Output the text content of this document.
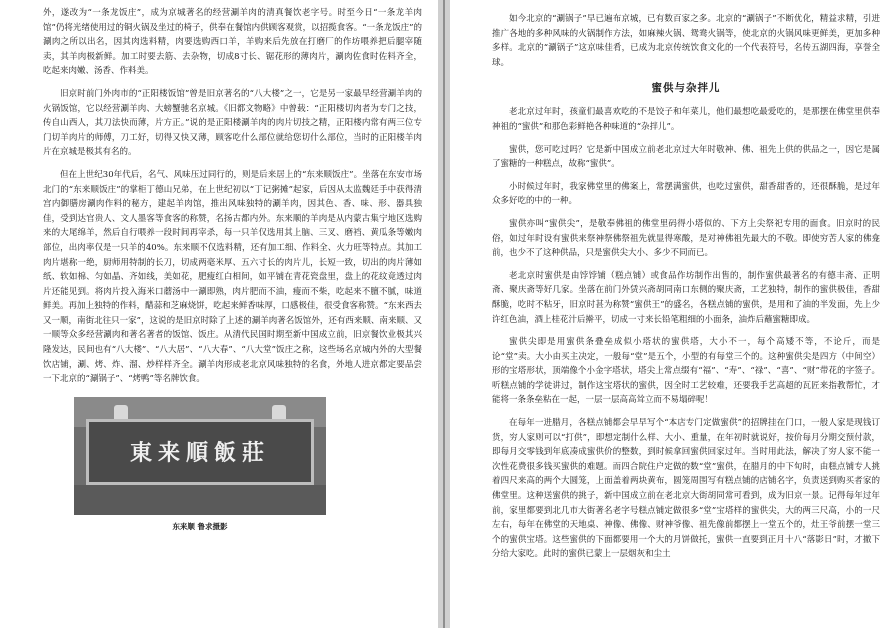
外，遂改为“一条龙饭庄”，成为京城著名的经营涮羊肉的清真餐饮老字号。时至今日“一条龙羊肉馆”仍将光绪使用过的铜火锅及坐过的椅子，供奉在餐馆内供顾客观赏，以招揽食客。“一条龙饭庄”的涮肉之所以出名，因其肉选料精，肉要选购西口羊，羊购来后先放在打磨厂的作坊喂养把后腿宰随卖，其羊肉极新鲜。加工时要去筋、去杂物，切成8寸长、锯花形的薄肉片，涮肉佐食时佐料齐全，吃起来肉嫩、汤香、作料美。

旧京时前门外肉市的“正阳楼饭馆”曾是旧京著名的“八大楼”之一，它是另一家最早经营涮羊肉的火锅饭馆，它以经营涮羊肉、大螃蟹驰名京城。《旧都文物略》中曾载：“正阳楼切肉者为专门之技，传自山西人，其刀法快而薄，片方正。”说的是正阳楼涮羊肉的肉片切技之精，正阳楼内常有两三位专门切羊肉片的师傅，刀工好，切得又快又薄，顾客吃什么部位就给您切什么部位，当时的正阳楼羊肉片在京城是极其有名的。

但在上世纪30年代后，名气、风味压过同行的，则是后来居上的“东来顺饭庄”。坐落在东安市场北门的“东来顺饭庄”的掌柜丁德山兄弟，在上世纪初以“丁记粥摊”起家，后因从太监魏廷手中获得清宫内御膳房涮肉作料的秘方，建起羊肉馆，推出风味独特的涮羊肉，因其色、香、味、形、器具独佳，受到达官贵人、文人墨客等食客的称赞，名扬古都内外。东来顺的羊肉是从内蒙古集宁地区选购来的大尾绵羊，然后自行喂养一段时间再宰杀，每一只羊仅选用其上脑、三叉、磨裆、黄瓜条等嫩肉部位，出肉率仅是一只羊的40%。东来顺不仅选料精，还有加工细、作料全、火力旺等特点。其加工肉片堪称一绝，厨师用特制的长刀，切成两毫米厚、五六寸长的肉片儿，长短一致，切出的肉片薄如纸、软如棉、匀如晶、齐如线，美如花，肥瘦红白相间，如平铺在青花瓷盘里，盘上的花纹竟透过肉片还能见到。将肉片投入海米口蘑汤中一涮即熟，肉片肥而不油，瘦而不柴，吃起来不膻不腻，味道鲜美。再加上独特的作料，醋蒜和芝麻烧饼，吃起来鲜香味厚，口感极佳，很受食客称赞。“东来西去又一顺，南街北往只一家”，这说的是旧京时除了上述的涮羊肉著名饭馆外，还有西来顺、南来顺、又一顺等众多经营涮肉和著名著者的饭馆、饭庄。从清代民国时期至新中国成立前，旧京餐饮业极其兴隆发达，民间也有“八大楼”、“八大居”、“八大春”、“八大堂”饭庄之称，这些场名京城内外的大型餐饮店铺，涮、烤、炸、溜、炒样样齐全。涮羊肉形成老北京风味独特的名食，外地人进京都定要品尝一下北京的“涮锅子”、“烤鸭”等名牌饮食。

東来順飯莊
东来顺 鲁求摄影

如今北京的“涮锅子”早已遍布京城，已有数百家之多。北京的“涮锅子”不断优化，精益求精，引进推广各地的多种风味的火锅制作方法，如麻辣火锅、鸳鸯火锅等，使北京的火锅风味更鲜美，更加多种多样。北京的“涮锅子”这京味佳肴，已成为北京传统饮食文化的一个代表符号，名传五湖四海，享誉全球。

蜜供与杂拌儿

老北京过年时，孩童们最喜欢吃的不是饺子和年菜儿，他们最想吃最爱吃的，是那摆在佛堂里供奉神祖的“蜜供”和那色彩鲜艳各种味道的“杂拌儿”。

蜜供，您可吃过吗？它是新中国成立前老北京过大年时敬神、佛、祖先上供的供品之一，因它是属了蜜糖的一种糕点，故称“蜜供”。

小时候过年时，我家佛堂里的佛案上，常摆满蜜供，也吃过蜜供，甜香甜香的，还很酥脆，是过年众多好吃的中的一种。

蜜供亦叫“蜜供尖”，是敬奉佛祖的佛堂里码得小塔似的、下方上尖祭祀专用的面食。旧京时的民俗，如过年时设有蜜供来祭神祭佛祭祖先就显得寒酸，是对神佛祖先最大的不敬。即使穷苦人家的佛龛前，也少不了这种供品，只是蜜供尖大小、多少不同而已。

老北京时蜜供是由饽饽铺（糕点铺）或食品作坊制作出售的，制作蜜供最著名的有德丰斋、正明斋、聚庆斋等好几家。坐落在前门外赁兴斋胡同南口东侧的聚庆斋，工艺独特，制作的蜜供极佳，香甜酥脆，吃时不粘牙，旧京时甚为称赞“蜜供王”的盛名，各糕点铺的蜜供，是用和了油的半发面，先上少许红色油，酒上桂花汁后擀平，切成一寸来长铅笔粗细的小面条，油炸后蘸蜜糖即成。

蜜供尖即是用蜜供条叠垒成似小塔状的蜜供塔，大小不一，每个高矮不等，不论斤，而是论“堂”卖。大小由买主决定，一般每“堂”是五个，小型的有每堂三个的。这种蜜供尖是四方（中间空）形的宝塔形状，顶端像个小金字塔状，塔尖上常点缀有“福”、“寿”、“禄”、“喜”、“财”带花的字签子。听糕点铺的学徒讲过，制作这宝塔状的蜜供，因全时工艺较难，还要我手艺高超的瓦匠来指教帮忙，才能将一条条垒粘在一起，一层一层高高耸立而不易塌碎呢！

在每年一进腊月，各糕点铺都会早早写个“本店专门定做蜜供”的招牌挂在门口，一般人家是现钱订货，穷人家则可以“打供”，即想定制什么样、大小、重量，在年初时就说好，按价每月分期交预付款，即每月交零钱到年底凑成蜜供价的整数，到时候拿回蜜供回家过年。当时用此法，解决了穷人家不能一次性花费很多钱买蜜供的难题。而四合院住户定做的数“堂”蜜供，在腊月的中下旬时，由糕点铺专人挑着四尺来高的两个大圆笼，上面盖着两块黄布，圆笼周围写有糕点铺的店铺名字，负责送到购买者家的佛堂里。这种送蜜供的挑子，新中国成立前在老北京大街胡同常可看到，成为旧京一景。记得每年过年前，家里都要到北几市大街著名老字号糕点铺定做很多“堂”宝塔样的蜜供尖，大的两三尺高，小的一尺左右，每年在佛堂的天地桌、神像、佛像、财神爷像、祖先像前都摆上一堂五个的，灶王爷前摆一堂三个的蜜供宝塔。这些蜜供的下面都要用一个大的月饼做托，蜜供一直要到正月十八“落影日”时，才撤下分给大家吃。此时的蜜供已蒙上一层烟灰和尘土
